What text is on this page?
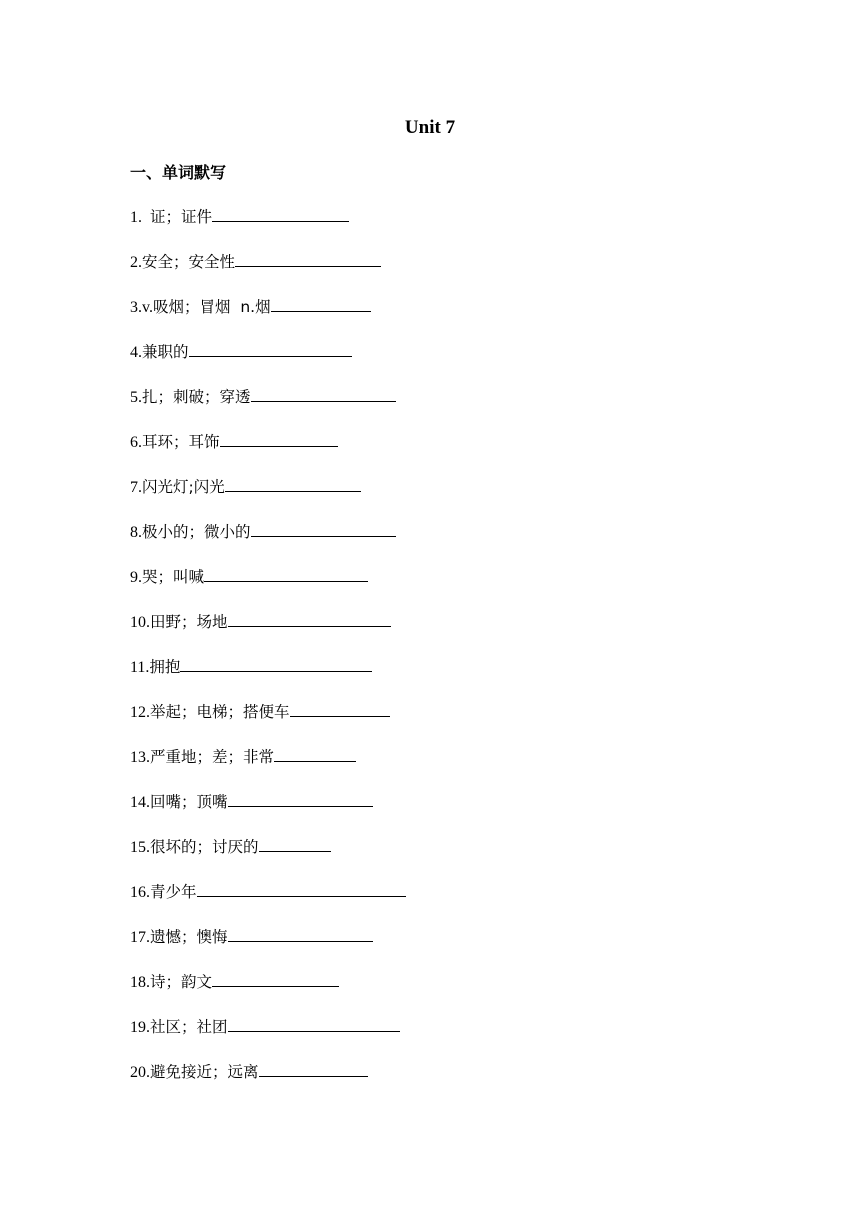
Unit 7
一、单词默写
1.  证；证件
2.安全；安全性
3.v.吸烟；冒烟  n.烟
4.兼职的
5.扎；刺破；穿透
6.耳环；耳饰
7.闪光灯;闪光
8.极小的；微小的
9.哭；叫喊
10.田野；场地
11.拥抱
12.举起；电梯；搭便车
13.严重地；差；非常
14.回嘴；顶嘴
15.很坏的；讨厌的
16.青少年
17.遗憾；懊悔
18.诗；韵文
19.社区；社团
20.避免接近；远离
